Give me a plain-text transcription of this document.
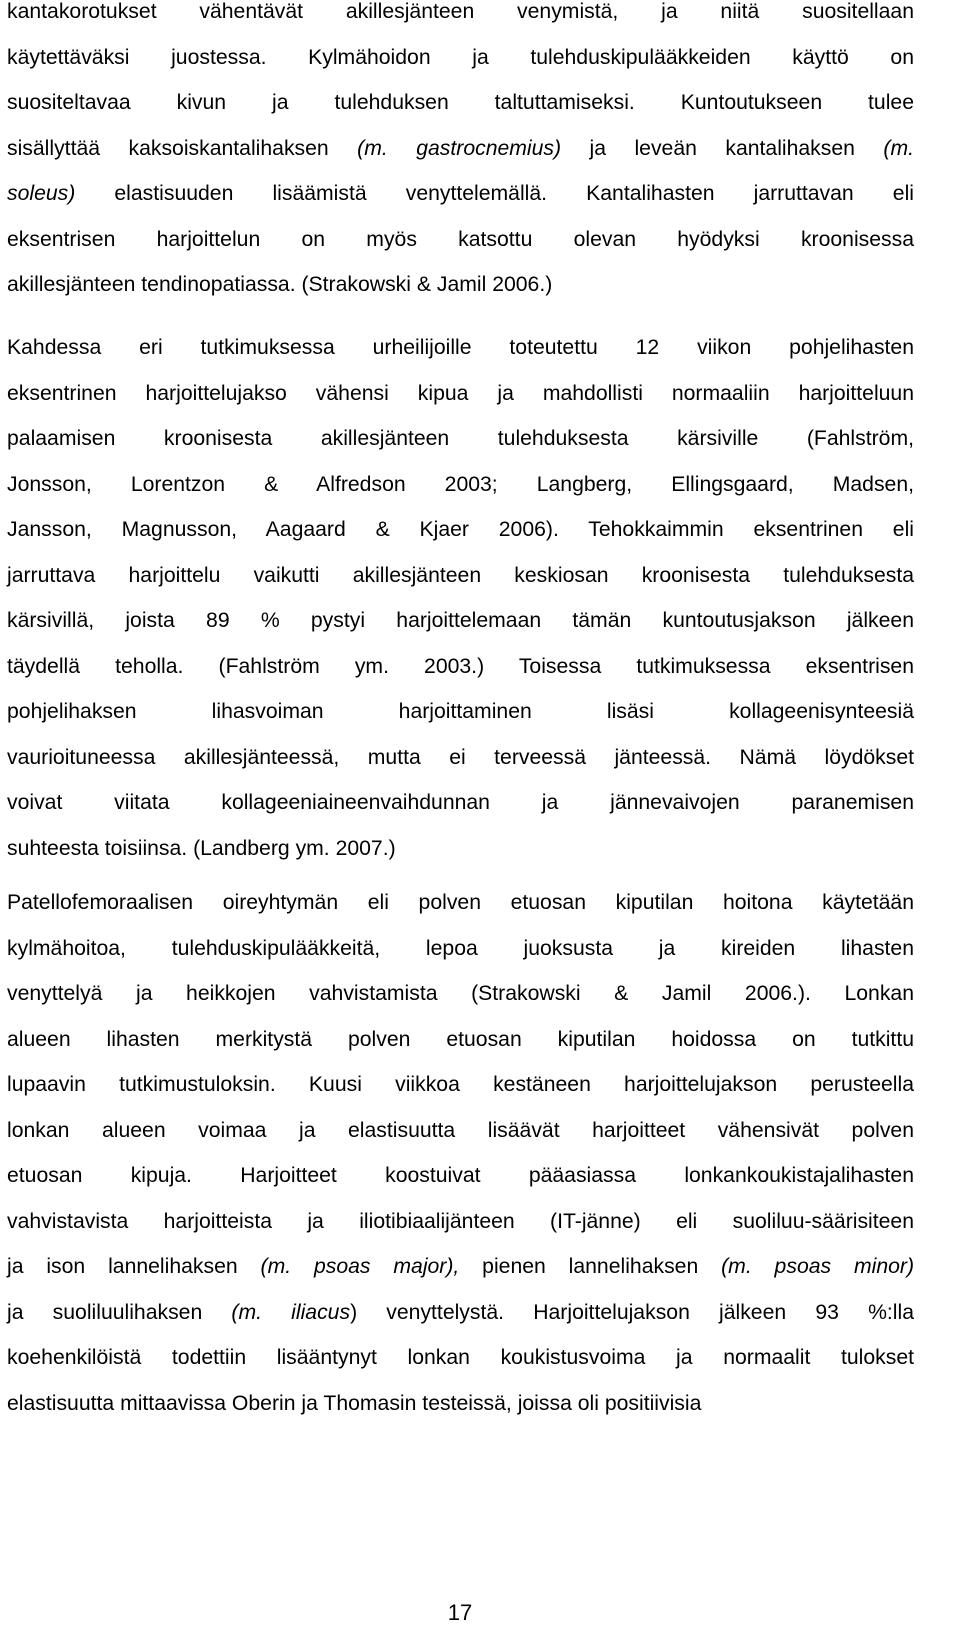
kantakorotukset vähentävät akillesjänteen venymistä, ja niitä suositellaan
käytettäväksi juostessa. Kylmähoidon ja tulehduskipulääkkeiden käyttö on
suositeltavaa kivun ja tulehduksen taltuttamiseksi. Kuntoutukseen tulee
sisällyttää kaksoiskantalihaksen (m. gastrocnemius) ja leveän kantalihaksen (m.
soleus) elastisuuden lisäämistä venyttelemällä. Kantalihasten jarruttavan eli
eksentrisen harjoittelun on myös katsottu olevan hyödyksi kroonisessa
akillesjänteen tendinopatiassa. (Strakowski & Jamil 2006.)
Kahdessa eri tutkimuksessa urheilijoille toteutettu 12 viikon pohjelihasten
eksentrinen harjoittelujakso vähensi kipua ja mahdollisti normaaliin harjoitteluun
palaamisen kroonisesta akillesjänteen tulehduksesta kärsiville (Fahlström,
Jonsson, Lorentzon & Alfredson 2003; Langberg, Ellingsgaard, Madsen,
Jansson, Magnusson, Aagaard & Kjaer 2006). Tehokkaimmin eksentrinen eli
jarruttava harjoittelu vaikutti akillesjänteen keskiosan kroonisesta tulehduksesta
kärsivillä, joista 89 % pystyi harjoittelemaan tämän kuntoutusjakson jälkeen
täydellä teholla. (Fahlström ym. 2003.) Toisessa tutkimuksessa eksentrisen
pohjelihaksen lihasvoiman harjoittaminen lisäsi kollageenisynteesiä
vaurioituneessa akillesjänteessä, mutta ei terveessä jänteessä. Nämä löydökset
voivat viitata kollageeniaineenvaihdunnan ja jännevaivojen paranemisen
suhteesta toisiinsa. (Landberg ym. 2007.)
Patellofemoraalisen oireyhtymän eli polven etuosan kiputilan hoitona käytetään
kylmähoitoa, tulehduskipulääkkeitä, lepoa juoksusta ja kireiden lihasten
venyttelyä ja heikkojen vahvistamista (Strakowski & Jamil 2006.). Lonkan
alueen lihasten merkitystä polven etuosan kiputilan hoidossa on tutkittu
lupaavin tutkimustuloksin. Kuusi viikkoa kestäneen harjoittelujakson perusteella
lonkan alueen voimaa ja elastisuutta lisäävät harjoitteet vähensivät polven
etuosan kipuja. Harjoitteet koostuivat pääasiassa lonkankoukistajalihasten
vahvistavista harjoitteista ja iliotibiaalijänteen (IT-jänne) eli suoliluu-säärisiteen
ja ison lannelihaksen (m. psoas major), pienen lannelihaksen (m. psoas minor)
ja suoliluulihaksen (m. iliacus) venyttelystä. Harjoittelujakson jälkeen 93 %:lla
koehenkilöistä todettiin lisääntynyt lonkan koukistusvoima ja normaalit tulokset
elastisuutta mittaavissa Oberin ja Thomasin testeissä, joissa oli positiivisia
17
